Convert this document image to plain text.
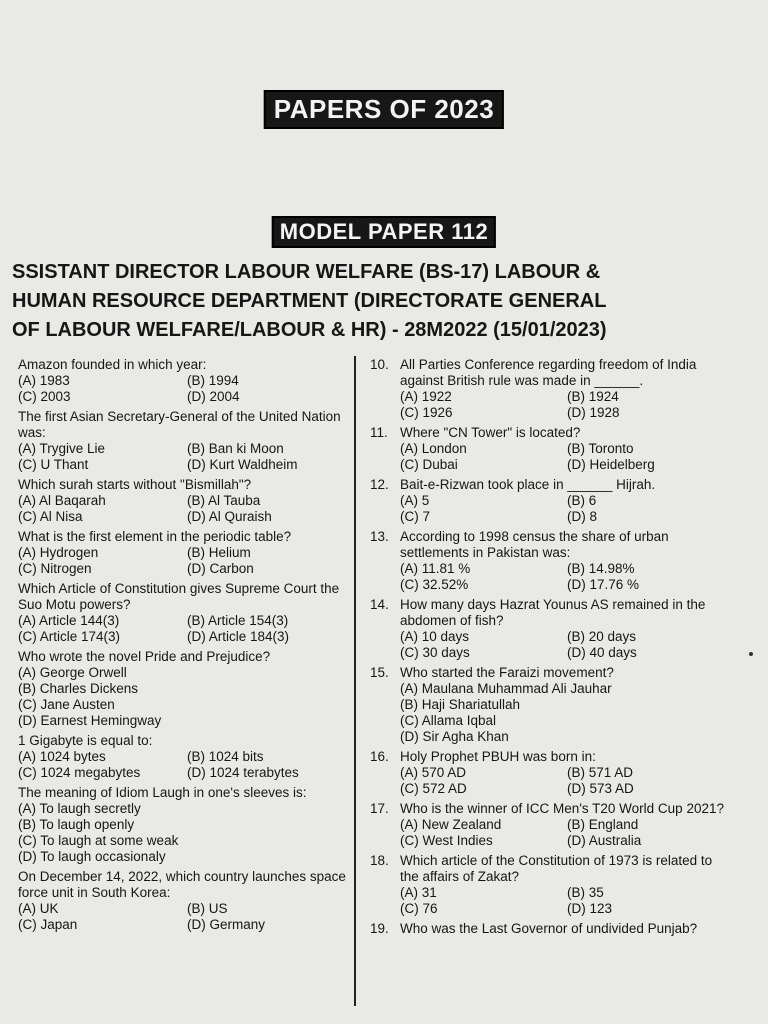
PAPERS OF 2023
MODEL PAPER 112
SSISTANT DIRECTOR LABOUR WELFARE (BS-17) LABOUR &
HUMAN RESOURCE DEPARTMENT (DIRECTORATE GENERAL
OF LABOUR WELFARE/LABOUR & HR) - 28M2022 (15/01/2023)
Amazon founded in which year:
(A) 1983	(B) 1994
(C) 2003	(D) 2004
The first Asian Secretary-General of the United Nation was:
(A) Trygive Lie	(B) Ban ki Moon
(C) U Thant	(D) Kurt Waldheim
Which surah starts without "Bismillah"?
(A) Al Baqarah	(B) Al Tauba
(C) Al Nisa	(D) Al Quraish
What is the first element in the periodic table?
(A) Hydrogen	(B) Helium
(C) Nitrogen	(D) Carbon
Which Article of Constitution gives Supreme Court the Suo Motu powers?
(A) Article 144(3)	(B) Article 154(3)
(C) Article 174(3)	(D) Article 184(3)
Who wrote the novel Pride and Prejudice?
(A) George Orwell
(B) Charles Dickens
(C) Jane Austen
(D) Earnest Hemingway
1 Gigabyte is equal to:
(A) 1024 bytes	(B) 1024 bits
(C) 1024 megabytes	(D) 1024 terabytes
The meaning of Idiom Laugh in one's sleeves is:
(A) To laugh secretly
(B) To laugh openly
(C) To laugh at some weak
(D) To laugh occasionaly
On December 14, 2022, which country launches space force unit in South Korea:
(A) UK	(B) US
(C) Japan	(D) Germany
10. All Parties Conference regarding freedom of India against British rule was made in ______.
(A) 1922	(B) 1924
(C) 1926	(D) 1928
11. Where "CN Tower" is located?
(A) London	(B) Toronto
(C) Dubai	(D) Heidelberg
12. Bait-e-Rizwan took place in ______ Hijrah.
(A) 5	(B) 6
(C) 7	(D) 8
13. According to 1998 census the share of urban settlements in Pakistan was:
(A) 11.81 %	(B) 14.98%
(C) 32.52%	(D) 17.76 %
14. How many days Hazrat Younus AS remained in the abdomen of fish?
(A) 10 days	(B) 20 days
(C) 30 days	(D) 40 days
15. Who started the Faraizi movement?
(A) Maulana Muhammad Ali Jauhar
(B) Haji Shariatullah
(C) Allama Iqbal
(D) Sir Agha Khan
16. Holy Prophet PBUH was born in:
(A) 570 AD	(B) 571 AD
(C) 572 AD	(D) 573 AD
17. Who is the winner of ICC Men's T20 World Cup 2021?
(A) New Zealand	(B) England
(C) West Indies	(D) Australia
18. Which article of the Constitution of 1973 is related to the affairs of Zakat?
(A) 31	(B) 35
(C) 76	(D) 123
19. Who was the Last Governor of undivided Punjab?
